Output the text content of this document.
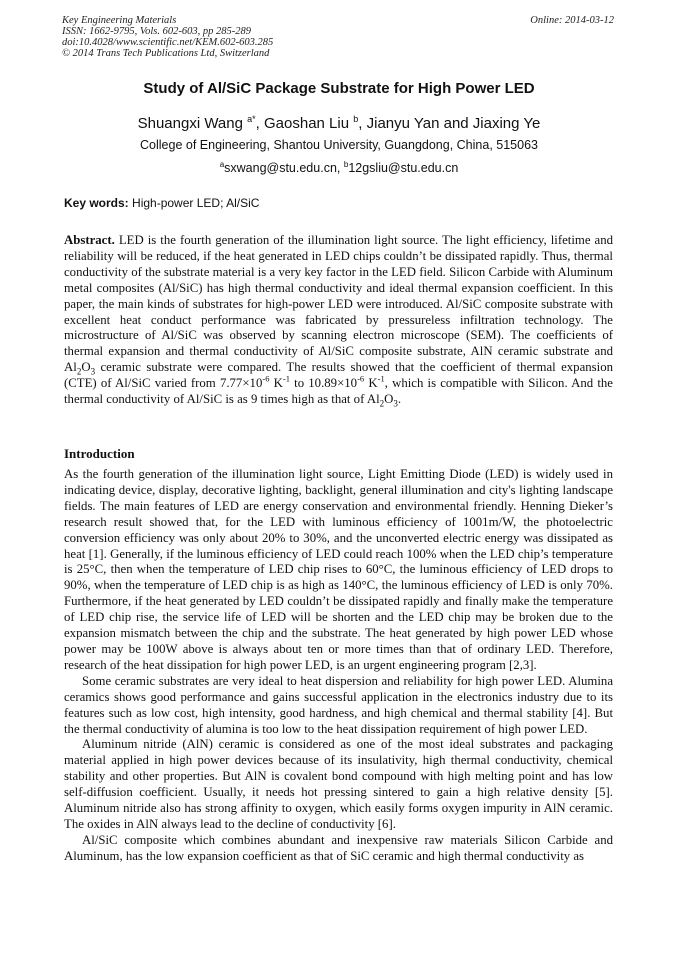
Key Engineering Materials
ISSN: 1662-9795, Vols. 602-603, pp 285-289
doi:10.4028/www.scientific.net/KEM.602-603.285
© 2014 Trans Tech Publications Ltd, Switzerland
Online: 2014-03-12
Study of Al/SiC Package Substrate for High Power LED
Shuangxi Wang $^{a*}$, Gaoshan Liu $^b$, Jianyu Yan and Jiaxing Ye
College of Engineering, Shantou University, Guangdong, China, 515063
$^a$sxwang@stu.edu.cn, $^b$12gsliu@stu.edu.cn
Key words: High-power LED; Al/SiC

Abstract. LED is the fourth generation of the illumination light source. The light efficiency, lifetime and reliability will be reduced, if the heat generated in LED chips couldn’t be dissipated rapidly. Thus, thermal conductivity of the substrate material is a very key factor in the LED field. Silicon Carbide with Aluminum metal composites (Al/SiC) has high thermal conductivity and ideal thermal expansion coefficient. In this paper, the main kinds of substrates for high-power LED were introduced. Al/SiC composite substrate with excellent heat conduct performance was fabricated by pressureless infiltration technology. The microstructure of Al/SiC was observed by scanning electron microscope (SEM). The coefficients of thermal expansion and thermal conductivity of Al/SiC composite substrate, AlN ceramic substrate and $Al_2O_3$ ceramic substrate were compared. The results showed that the coefficient of thermal expansion (CTE) of Al/SiC varied from $7.77\times 10^{-6}$ $K^{-1}$ to $10.89\times 10^{-6}$ $K^{-1}$, which is compatible with Silicon. And the thermal conductivity of Al/SiC is as 9 times high as that of $Al_2O_3$.

Introduction

As the fourth generation of the illumination light source, Light Emitting Diode (LED) is widely used in indicating device, display, decorative lighting, backlight, general illumination and city's lighting landscape fields. The main features of LED are energy conservation and environmental friendly. Henning Dieker’s research result showed that, for the LED with luminous efficiency of 1001m/W, the photoelectric conversion efficiency was only about 20% to 30%, and the unconverted electric energy was dissipated as heat [1]. Generally, if the luminous efficiency of LED could reach 100% when the LED chip’s temperature is 25°C, then when the temperature of LED chip rises to 60°C, the luminous efficiency of LED drops to 90%, when the temperature of LED chip is as high as 140°C, the luminous efficiency of LED is only 70%. Furthermore, if the heat generated by LED couldn’t be dissipated rapidly and finally make the temperature of LED chip rise, the service life of LED will be shorten and the LED chip may be broken due to the expansion mismatch between the chip and the substrate. The heat generated by high power LED whose power may be 100W above is always about ten or more times than that of ordinary LED. Therefore, research of the heat dissipation for high power LED, is an urgent engineering program [2,3].

Some ceramic substrates are very ideal to heat dispersion and reliability for high power LED. Alumina ceramics shows good performance and gains successful application in the electronics industry due to its features such as low cost, high intensity, good hardness, and high chemical and thermal stability [4]. But the thermal conductivity of alumina is too low to the heat dissipation requirement of high power LED.

Aluminum nitride (AlN) ceramic is considered as one of the most ideal substrates and packaging material applied in high power devices because of its insulativity, high thermal conductivity, chemical stability and other properties. But AlN is covalent bond compound with high melting point and has low self-diffusion coefficient. Usually, it needs hot pressing sintered to gain a high relative density [5]. Aluminum nitride also has strong affinity to oxygen, which easily forms oxygen impurity in AlN ceramic. The oxides in AlN always lead to the decline of conductivity [6].

Al/SiC composite which combines abundant and inexpensive raw materials Silicon Carbide and Aluminum, has the low expansion coefficient as that of SiC ceramic and high thermal conductivity as
